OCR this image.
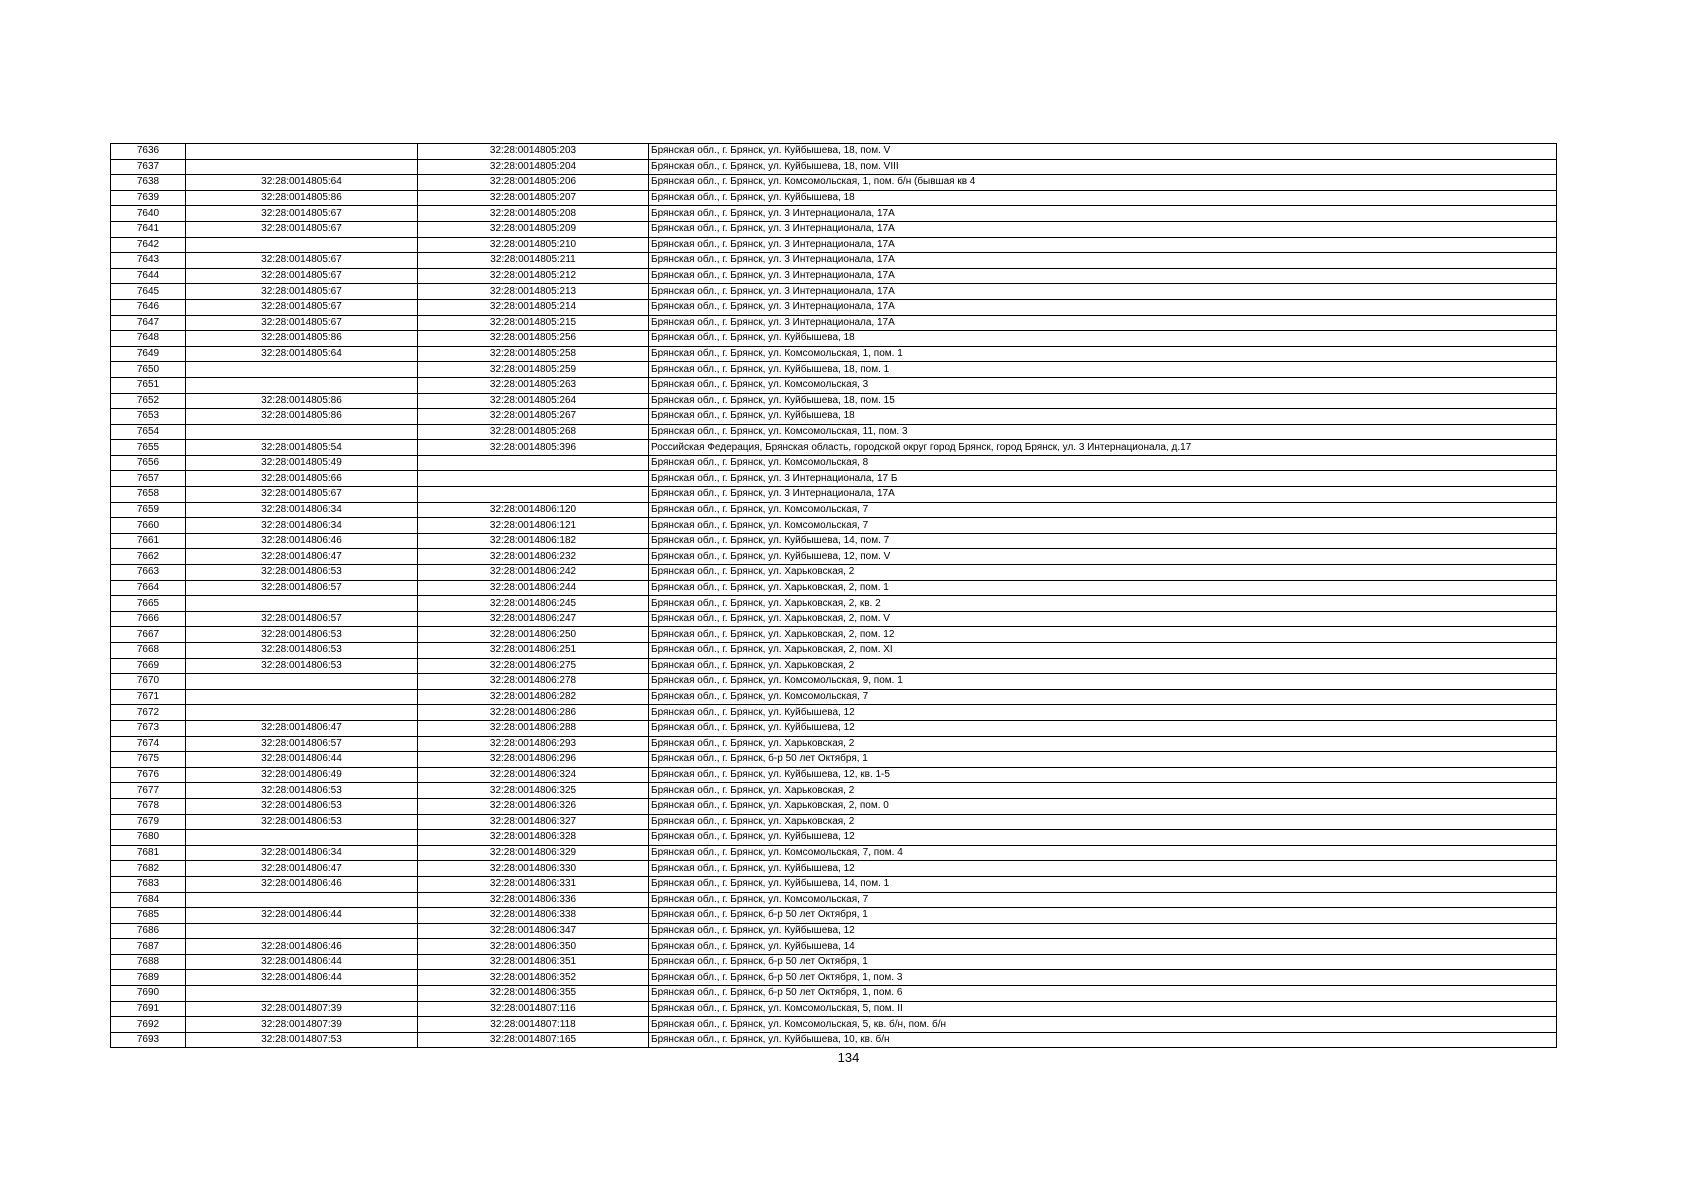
7636		32:28:0014805:203	Брянская обл., г. Брянск, ул. Куйбышева, 18, пом. V
7637		32:28:0014805:204	Брянская обл., г. Брянск, ул. Куйбышева, 18, пом. VIII
7638	32:28:0014805:64	32:28:0014805:206	Брянская обл., г. Брянск, ул. Комсомольская, 1, пом. б/н (бывшая кв 4
7639	32:28:0014805:86	32:28:0014805:207	Брянская обл., г. Брянск, ул. Куйбышева, 18
7640	32:28:0014805:67	32:28:0014805:208	Брянская обл., г. Брянск, ул. 3 Интернационала, 17А
7641	32:28:0014805:67	32:28:0014805:209	Брянская обл., г. Брянск, ул. 3 Интернационала, 17А
7642		32:28:0014805:210	Брянская обл., г. Брянск, ул. 3 Интернационала, 17А
7643	32:28:0014805:67	32:28:0014805:211	Брянская обл., г. Брянск, ул. 3 Интернационала, 17А
7644	32:28:0014805:67	32:28:0014805:212	Брянская обл., г. Брянск, ул. 3 Интернационала, 17А
7645	32:28:0014805:67	32:28:0014805:213	Брянская обл., г. Брянск, ул. 3 Интернационала, 17А
7646	32:28:0014805:67	32:28:0014805:214	Брянская обл., г. Брянск, ул. 3 Интернационала, 17А
7647	32:28:0014805:67	32:28:0014805:215	Брянская обл., г. Брянск, ул. 3 Интернационала, 17А
7648	32:28:0014805:86	32:28:0014805:256	Брянская обл., г. Брянск, ул. Куйбышева, 18
7649	32:28:0014805:64	32:28:0014805:258	Брянская обл., г. Брянск, ул. Комсомольская, 1, пом. 1
7650		32:28:0014805:259	Брянская обл., г. Брянск, ул. Куйбышева, 18, пом. 1
7651		32:28:0014805:263	Брянская обл., г. Брянск, ул. Комсомольская, 3
7652	32:28:0014805:86	32:28:0014805:264	Брянская обл., г. Брянск, ул. Куйбышева, 18, пом. 15
7653	32:28:0014805:86	32:28:0014805:267	Брянская обл., г. Брянск, ул. Куйбышева, 18
7654		32:28:0014805:268	Брянская обл., г. Брянск, ул. Комсомольская, 11, пом. 3
7655	32:28:0014805:54	32:28:0014805:396	Российская Федерация, Брянская область, городской округ город Брянск, город Брянск, ул. 3 Интернационала, д.17
7656	32:28:0014805:49		Брянская обл., г. Брянск, ул. Комсомольская, 8
7657	32:28:0014805:66		Брянская обл., г. Брянск, ул. 3 Интернационала, 17 Б
7658	32:28:0014805:67		Брянская обл., г. Брянск, ул. 3 Интернационала, 17А
7659	32:28:0014806:34	32:28:0014806:120	Брянская обл., г. Брянск, ул. Комсомольская, 7
7660	32:28:0014806:34	32:28:0014806:121	Брянская обл., г. Брянск, ул. Комсомольская, 7
7661	32:28:0014806:46	32:28:0014806:182	Брянская обл., г. Брянск, ул. Куйбышева, 14, пом. 7
7662	32:28:0014806:47	32:28:0014806:232	Брянская обл., г. Брянск, ул. Куйбышева, 12, пом. V
7663	32:28:0014806:53	32:28:0014806:242	Брянская обл., г. Брянск, ул. Харьковская, 2
7664	32:28:0014806:57	32:28:0014806:244	Брянская обл., г. Брянск, ул. Харьковская, 2, пом. 1
7665		32:28:0014806:245	Брянская обл., г. Брянск, ул. Харьковская, 2, кв. 2
7666	32:28:0014806:57	32:28:0014806:247	Брянская обл., г. Брянск, ул. Харьковская, 2, пом. V
7667	32:28:0014806:53	32:28:0014806:250	Брянская обл., г. Брянск, ул. Харьковская, 2, пом. 12
7668	32:28:0014806:53	32:28:0014806:251	Брянская обл., г. Брянск, ул. Харьковская, 2, пом. XI
7669	32:28:0014806:53	32:28:0014806:275	Брянская обл., г. Брянск, ул. Харьковская, 2
7670		32:28:0014806:278	Брянская обл., г. Брянск, ул. Комсомольская, 9, пом. 1
7671		32:28:0014806:282	Брянская обл., г. Брянск, ул. Комсомольская, 7
7672		32:28:0014806:286	Брянская обл., г. Брянск, ул. Куйбышева, 12
7673	32:28:0014806:47	32:28:0014806:288	Брянская обл., г. Брянск, ул. Куйбышева, 12
7674	32:28:0014806:57	32:28:0014806:293	Брянская обл., г. Брянск, ул. Харьковская, 2
7675	32:28:0014806:44	32:28:0014806:296	Брянская обл., г. Брянск, б-р 50 лет Октября, 1
7676	32:28:0014806:49	32:28:0014806:324	Брянская обл., г. Брянск, ул. Куйбышева, 12, кв. 1-5
7677	32:28:0014806:53	32:28:0014806:325	Брянская обл., г. Брянск, ул. Харьковская, 2
7678	32:28:0014806:53	32:28:0014806:326	Брянская обл., г. Брянск, ул. Харьковская, 2, пом. 0
7679	32:28:0014806:53	32:28:0014806:327	Брянская обл., г. Брянск, ул. Харьковская, 2
7680		32:28:0014806:328	Брянская обл., г. Брянск, ул. Куйбышева, 12
7681	32:28:0014806:34	32:28:0014806:329	Брянская обл., г. Брянск, ул. Комсомольская, 7, пом. 4
7682	32:28:0014806:47	32:28:0014806:330	Брянская обл., г. Брянск, ул. Куйбышева, 12
7683	32:28:0014806:46	32:28:0014806:331	Брянская обл., г. Брянск, ул. Куйбышева, 14, пом. 1
7684		32:28:0014806:336	Брянская обл., г. Брянск, ул. Комсомольская, 7
7685	32:28:0014806:44	32:28:0014806:338	Брянская обл., г. Брянск, б-р 50 лет Октября, 1
7686		32:28:0014806:347	Брянская обл., г. Брянск, ул. Куйбышева, 12
7687	32:28:0014806:46	32:28:0014806:350	Брянская обл., г. Брянск, ул. Куйбышева, 14
7688	32:28:0014806:44	32:28:0014806:351	Брянская обл., г. Брянск, б-р 50 лет Октября, 1
7689	32:28:0014806:44	32:28:0014806:352	Брянская обл., г. Брянск, б-р 50 лет Октября, 1, пом. 3
7690		32:28:0014806:355	Брянская обл., г. Брянск, б-р 50 лет Октября, 1, пом. 6
7691	32:28:0014807:39	32:28:0014807:116	Брянская обл., г. Брянск, ул. Комсомольская, 5, пом. II
7692	32:28:0014807:39	32:28:0014807:118	Брянская обл., г. Брянск, ул. Комсомольская, 5, кв. б/н, пом. б/н
7693	32:28:0014807:53	32:28:0014807:165	Брянская обл., г. Брянск, ул. Куйбышева, 10, кв. б/н
134
